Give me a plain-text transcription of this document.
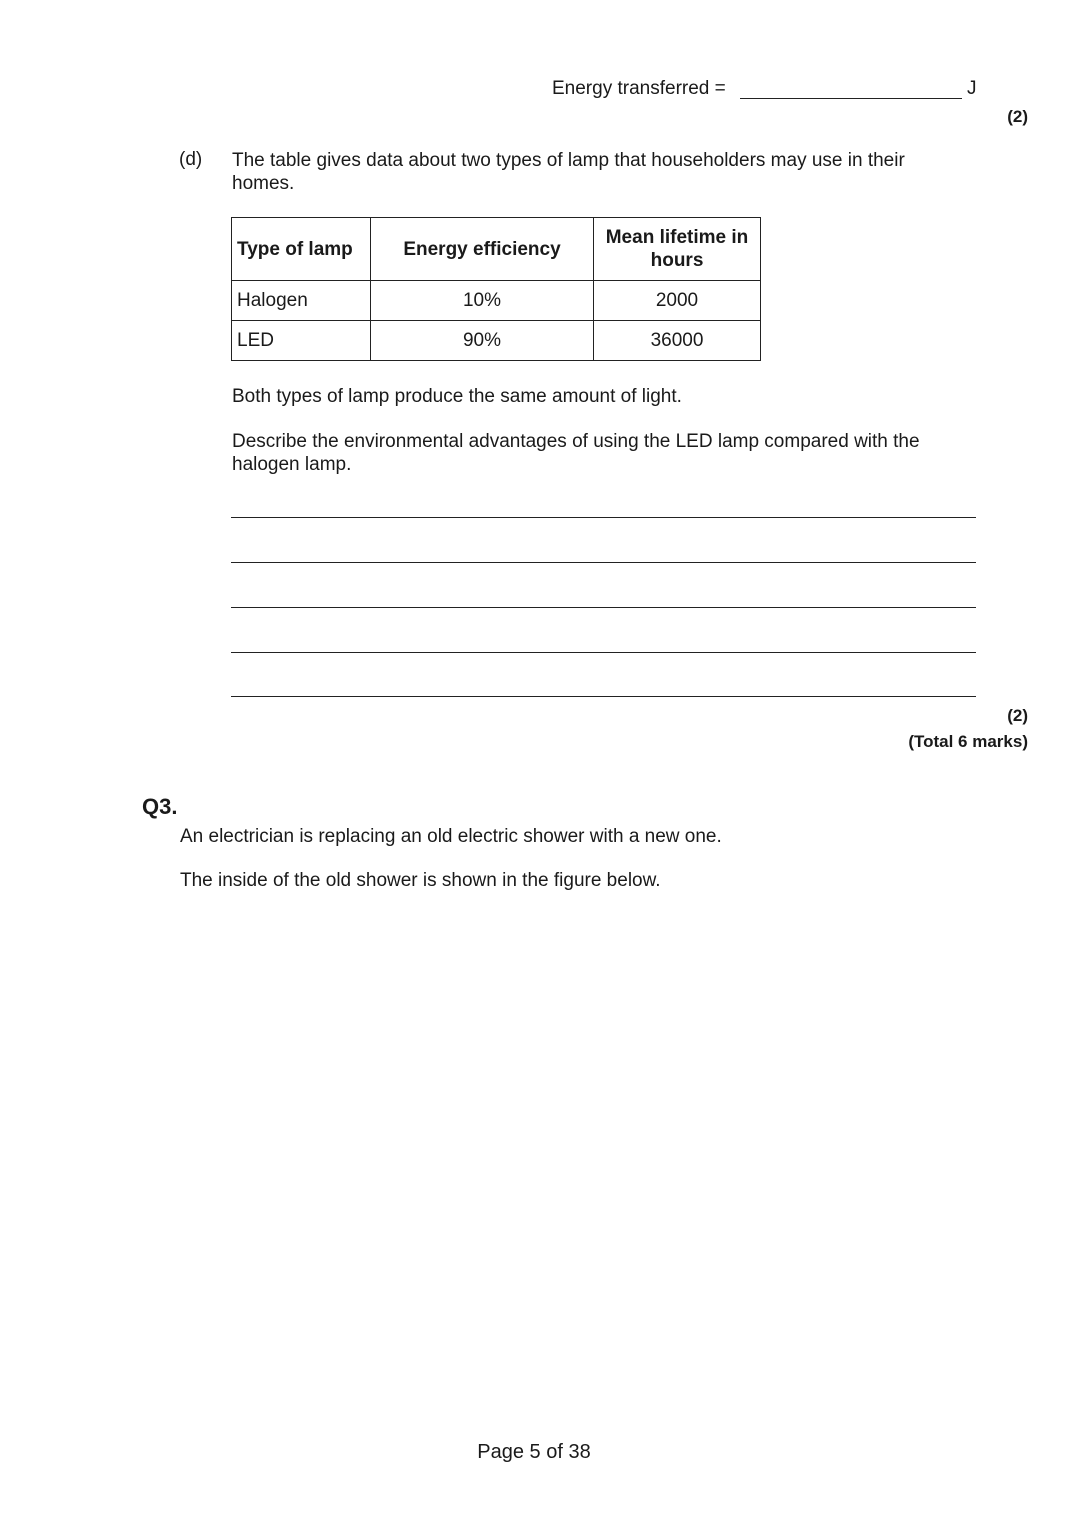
Energy transferred =	J
(2)
(d) The table gives data about two types of lamp that householders may use in their homes.
Type of lamp	Energy efficiency	Mean lifetime in hours
Halogen	10%	2000
LED	90%	36000
Both types of lamp produce the same amount of light.
Describe the environmental advantages of using the LED lamp compared with the halogen lamp.
(2)
(Total 6 marks)
Q3.
An electrician is replacing an old electric shower with a new one.
The inside of the old shower is shown in the figure below.
Page 5 of 38
